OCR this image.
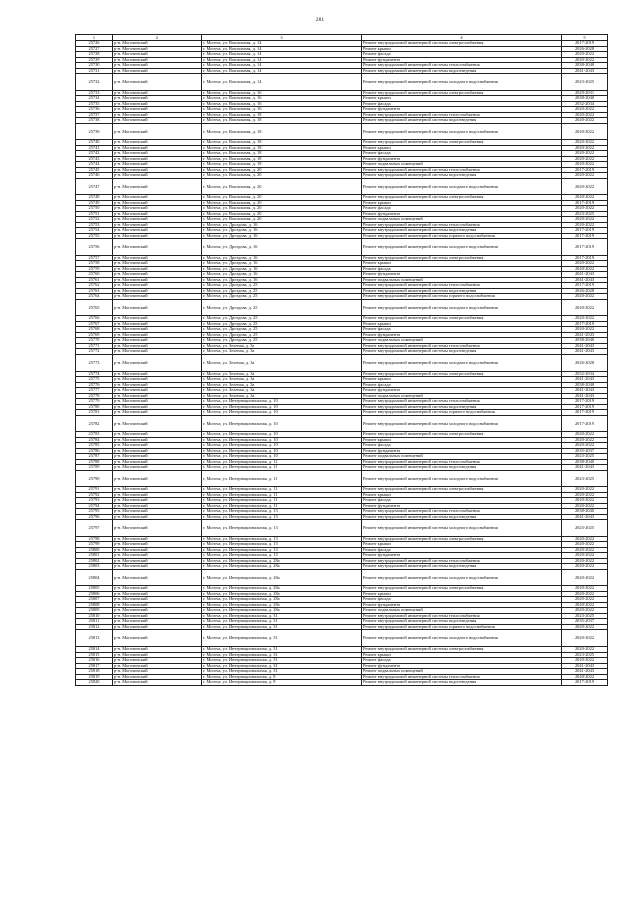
281
1	2	3	4	5
25726	р-н. Могочинский	г. Могоча, ул. Вокзальная, д. 14	Ремонт внутридомовой инженерной системы электроснабжения	2017-2019
25727	р-н. Могочинский	г. Могоча, ул. Вокзальная, д. 14	Ремонт крыши	2026-2028
25728	р-н. Могочинский	г. Могоча, ул. Вокзальная, д. 14	Ремонт фасада	2020-2022
25729	р-н. Могочинский	г. Могоча, ул. Вокзальная, д. 14	Ремонт фундамента	2020-2022
25730	р-н. Могочинский	г. Могоча, ул. Вокзальная, д. 14	Ремонт внутридомовой инженерной системы теплоснабжения	2038-2040
25731	р-н. Могочинский	г. Могоча, ул. Вокзальная, д. 14	Ремонт внутридомовой инженерной системы водоотведения	2041-2043
25732	р-н. Могочинский	г. Могоча, ул. Вокзальная, д. 14	Ремонт внутридомовой инженерной системы холодного водоснабжения	2023-2025
25733	р-н. Могочинский	г. Могоча, ул. Вокзальная, д. 16	Ремонт внутридомовой инженерной системы электроснабжения	2029-2031
25734	р-н. Могочинский	г. Могоча, ул. Вокзальная, д. 16	Ремонт крыши	2038-2040
25735	р-н. Могочинский	г. Могоча, ул. Вокзальная, д. 16	Ремонт фасада	2032-2034
25736	р-н. Могочинский	г. Могоча, ул. Вокзальная, д. 16	Ремонт фундамента	2020-2022
25737	р-н. Могочинский	г. Могоча, ул. Вокзальная, д. 18	Ремонт внутридомовой инженерной системы теплоснабжения	2020-2022
25738	р-н. Могочинский	г. Могоча, ул. Вокзальная, д. 18	Ремонт внутридомовой инженерной системы водоотведения	2020-2022
25739	р-н. Могочинский	г. Могоча, ул. Вокзальная, д. 18	Ремонт внутридомовой инженерной системы холодного водоснабжения	2020-2022
25740	р-н. Могочинский	г. Могоча, ул. Вокзальная, д. 18	Ремонт внутридомовой инженерной системы электроснабжения	2020-2022
25741	р-н. Могочинский	г. Могоча, ул. Вокзальная, д. 18	Ремонт крыши	2020-2022
25742	р-н. Могочинский	г. Могоча, ул. Вокзальная, д. 18	Ремонт фасада	2020-2022
25743	р-н. Могочинский	г. Могоча, ул. Вокзальная, д. 18	Ремонт фундамента	2020-2022
25744	р-н. Могочинский	г. Могоча, ул. Вокзальная, д. 18	Ремонт подвальных помещений	2020-2022
25745	р-н. Могочинский	г. Могоча, ул. Вокзальная, д. 20	Ремонт внутридомовой инженерной системы теплоснабжения	2017-2019
25746	р-н. Могочинский	г. Могоча, ул. Вокзальная, д. 20	Ремонт внутридомовой инженерной системы водоотведения	2020-2022
25747	р-н. Могочинский	г. Могоча, ул. Вокзальная, д. 20	Ремонт внутридомовой инженерной системы холодного водоснабжения	2020-2022
25748	р-н. Могочинский	г. Могоча, ул. Вокзальная, д. 20	Ремонт внутридомовой инженерной системы электроснабжения	2020-2022
25749	р-н. Могочинский	г. Могоча, ул. Вокзальная, д. 20	Ремонт крыши	2017-2019
25750	р-н. Могочинский	г. Могоча, ул. Вокзальная, д. 20	Ремонт фасада	2020-2022
25751	р-н. Могочинский	г. Могоча, ул. Вокзальная, д. 20	Ремонт фундамента	2023-2025
25752	р-н. Могочинский	г. Могоча, ул. Вокзальная, д. 20	Ремонт подвальных помещений	2020-2022
25753	р-н. Могочинский	г. Могоча, ул. Дроздова, д. 16	Ремонт внутридомовой инженерной системы теплоснабжения	2020-2022
25754	р-н. Могочинский	г. Могоча, ул. Дроздова, д. 16	Ремонт внутридомовой инженерной системы водоотведения	2017-2019
25755	р-н. Могочинский	г. Могоча, ул. Дроздова, д. 16	Ремонт внутридомовой инженерной системы горячего водоснабжения	2017-2019
25756	р-н. Могочинский	г. Могоча, ул. Дроздова, д. 16	Ремонт внутридомовой инженерной системы холодного водоснабжения	2017-2019
25757	р-н. Могочинский	г. Могоча, ул. Дроздова, д. 16	Ремонт внутридомовой инженерной системы электроснабжения	2017-2019
25758	р-н. Могочинский	г. Могоча, ул. Дроздова, д. 16	Ремонт крыши	2020-2022
25759	р-н. Могочинский	г. Могоча, ул. Дроздова, д. 16	Ремонт фасада	2020-2022
25760	р-н. Могочинский	г. Могоча, ул. Дроздова, д. 16	Ремонт фундамента	2041-2043
25761	р-н. Могочинский	г. Могоча, ул. Дроздова, д. 16	Ремонт подвальных помещений	2041-2043
25762	р-н. Могочинский	г. Могоча, ул. Дроздова, д. 25	Ремонт внутридомовой инженерной системы теплоснабжения	2017-2019
25763	р-н. Могочинский	г. Могоча, ул. Дроздова, д. 25	Ремонт внутридомовой инженерной системы водоотведения	2026-2028
25764	р-н. Могочинский	г. Могоча, ул. Дроздова, д. 25	Ремонт внутридомовой инженерной системы горячего водоснабжения	2020-2022
25765	р-н. Могочинский	г. Могоча, ул. Дроздова, д. 25	Ремонт внутридомовой инженерной системы холодного водоснабжения	2020-2022
25766	р-н. Могочинский	г. Могоча, ул. Дроздова, д. 25	Ремонт внутридомовой инженерной системы электроснабжения	2020-2022
25767	р-н. Могочинский	г. Могоча, ул. Дроздова, д. 25	Ремонт крыши	2017-2019
25768	р-н. Могочинский	г. Могоча, ул. Дроздова, д. 25	Ремонт фасада	2020-2022
25769	р-н. Могочинский	г. Могоча, ул. Дроздова, д. 25	Ремонт фундамента	2041-2043
25770	р-н. Могочинский	г. Могоча, ул. Дроздова, д. 25	Ремонт подвальных помещений	2038-2040
25771	р-н. Могочинский	г. Могоча, ул. Зеленая, д. 3а	Ремонт внутридомовой инженерной системы теплоснабжения	2041-2043
25772	р-н. Могочинский	г. Могоча, ул. Зеленая, д. 3а	Ремонт внутридомовой инженерной системы водоотведения	2041-2043
25773	р-н. Могочинский	г. Могоча, ул. Зеленая, д. 3а	Ремонт внутридомовой инженерной системы холодного водоснабжения	2026-2028
25774	р-н. Могочинский	г. Могоча, ул. Зеленая, д. 3а	Ремонт внутридомовой инженерной системы электроснабжения	2032-2034
25775	р-н. Могочинский	г. Могоча, ул. Зеленая, д. 3а	Ремонт крыши	2041-2043
25776	р-н. Могочинский	г. Могоча, ул. Зеленая, д. 3а	Ремонт фасада	2038-2040
25777	р-н. Могочинский	г. Могоча, ул. Зеленая, д. 3а	Ремонт фундамента	2041-2043
25778	р-н. Могочинский	г. Могоча, ул. Зеленая, д. 3а	Ремонт подвальных помещений	2041-2043
25779	р-н. Могочинский	г. Могоча, ул. Интернациональная, д. 10	Ремонт внутридомовой инженерной системы теплоснабжения	2017-2019
25780	р-н. Могочинский	г. Могоча, ул. Интернациональная, д. 10	Ремонт внутридомовой инженерной системы водоотведения	2017-2019
25781	р-н. Могочинский	г. Могоча, ул. Интернациональная, д. 10	Ремонт внутридомовой инженерной системы горячего водоснабжения	2017-2019
25782	р-н. Могочинский	г. Могоча, ул. Интернациональная, д. 10	Ремонт внутридомовой инженерной системы холодного водоснабжения	2017-2019
25783	р-н. Могочинский	г. Могоча, ул. Интернациональная, д. 10	Ремонт внутридомовой инженерной системы электроснабжения	2020-2022
25784	р-н. Могочинский	г. Могоча, ул. Интернациональная, д. 10	Ремонт крыши	2020-2022
25785	р-н. Могочинский	г. Могоча, ул. Интернациональная, д. 10	Ремонт фасада	2020-2022
25786	р-н. Могочинский	г. Могоча, ул. Интернациональная, д. 10	Ремонт фундамента	2035-2037
25787	р-н. Могочинский	г. Могоча, ул. Интернациональная, д. 10	Ремонт подвальных помещений	2023-2025
25788	р-н. Могочинский	г. Могоча, ул. Интернациональная, д. 11	Ремонт внутридомовой инженерной системы теплоснабжения	2038-2040
25789	р-н. Могочинский	г. Могоча, ул. Интернациональная, д. 11	Ремонт внутридомовой инженерной системы водоотведения	2041-2043
25790	р-н. Могочинский	г. Могоча, ул. Интернациональная, д. 11	Ремонт внутридомовой инженерной системы холодного водоснабжения	2023-2025
25791	р-н. Могочинский	г. Могоча, ул. Интернациональная, д. 11	Ремонт внутридомовой инженерной системы электроснабжения	2020-2022
25792	р-н. Могочинский	г. Могоча, ул. Интернациональная, д. 11	Ремонт крыши	2020-2022
25793	р-н. Могочинский	г. Могоча, ул. Интернациональная, д. 11	Ремонт фасада	2020-2022
25794	р-н. Могочинский	г. Могоча, ул. Интернациональная, д. 11	Ремонт фундамента	2020-2022
25795	р-н. Могочинский	г. Могоча, ул. Интернациональная, д. 13	Ремонт внутридомовой инженерной системы теплоснабжения	2038-2040
25796	р-н. Могочинский	г. Могоча, ул. Интернациональная, д. 13	Ремонт внутридомовой инженерной системы водоотведения	2041-2043
25797	р-н. Могочинский	г. Могоча, ул. Интернациональная, д. 13	Ремонт внутридомовой инженерной системы холодного водоснабжения	2023-2025
25798	р-н. Могочинский	г. Могоча, ул. Интернациональная, д. 13	Ремонт внутридомовой инженерной системы электроснабжения	2020-2022
25799	р-н. Могочинский	г. Могоча, ул. Интернациональная, д. 13	Ремонт крыши	2020-2022
25800	р-н. Могочинский	г. Могоча, ул. Интернациональная, д. 13	Ремонт фасада	2020-2022
25801	р-н. Могочинский	г. Могоча, ул. Интернациональная, д. 13	Ремонт фундамента	2020-2022
25802	р-н. Могочинский	г. Могоча, ул. Интернациональная, д. 28а	Ремонт внутридомовой инженерной системы теплоснабжения	2020-2022
25803	р-н. Могочинский	г. Могоча, ул. Интернациональная, д. 28а	Ремонт внутридомовой инженерной системы водоотведения	2020-2022
25804	р-н. Могочинский	г. Могоча, ул. Интернациональная, д. 28а	Ремонт внутридомовой инженерной системы холодного водоснабжения	2020-2022
25805	р-н. Могочинский	г. Могоча, ул. Интернациональная, д. 28а	Ремонт внутридомовой инженерной системы электроснабжения	2020-2022
25806	р-н. Могочинский	г. Могоча, ул. Интернациональная, д. 28а	Ремонт крыши	2020-2022
25807	р-н. Могочинский	г. Могоча, ул. Интернациональная, д. 28а	Ремонт фасада	2020-2022
25808	р-н. Могочинский	г. Могоча, ул. Интернациональная, д. 28а	Ремонт фундамента	2020-2022
25809	р-н. Могочинский	г. Могоча, ул. Интернациональная, д. 28а	Ремонт подвальных помещений	2020-2022
25810	р-н. Могочинский	г. Могоча, ул. Интернациональная, д. 31	Ремонт внутридомовой инженерной системы теплоснабжения	2023-2025
25811	р-н. Могочинский	г. Могоча, ул. Интернациональная, д. 31	Ремонт внутридомовой инженерной системы водоотведения	2035-2037
25812	р-н. Могочинский	г. Могоча, ул. Интернациональная, д. 31	Ремонт внутридомовой инженерной системы горячего водоснабжения	2020-2022
25813	р-н. Могочинский	г. Могоча, ул. Интернациональная, д. 31	Ремонт внутридомовой инженерной системы холодного водоснабжения	2020-2022
25814	р-н. Могочинский	г. Могоча, ул. Интернациональная, д. 31	Ремонт внутридомовой инженерной системы электроснабжения	2020-2022
25815	р-н. Могочинский	г. Могоча, ул. Интернациональная, д. 31	Ремонт крыши	2023-2025
25816	р-н. Могочинский	г. Могоча, ул. Интернациональная, д. 31	Ремонт фасада	2020-2022
25817	р-н. Могочинский	г. Могоча, ул. Интернациональная, д. 31	Ремонт фундамента	2041-2043
25818	р-н. Могочинский	г. Могоча, ул. Интернациональная, д. 31	Ремонт подвальных помещений	2041-2043
25819	р-н. Могочинский	г. Могоча, ул. Интернациональная, д. 8	Ремонт внутридомовой инженерной системы теплоснабжения	2020-2022
25820	р-н. Могочинский	г. Могоча, ул. Интернациональная, д. 8	Ремонт внутридомовой инженерной системы водоотведения	2017-2019
